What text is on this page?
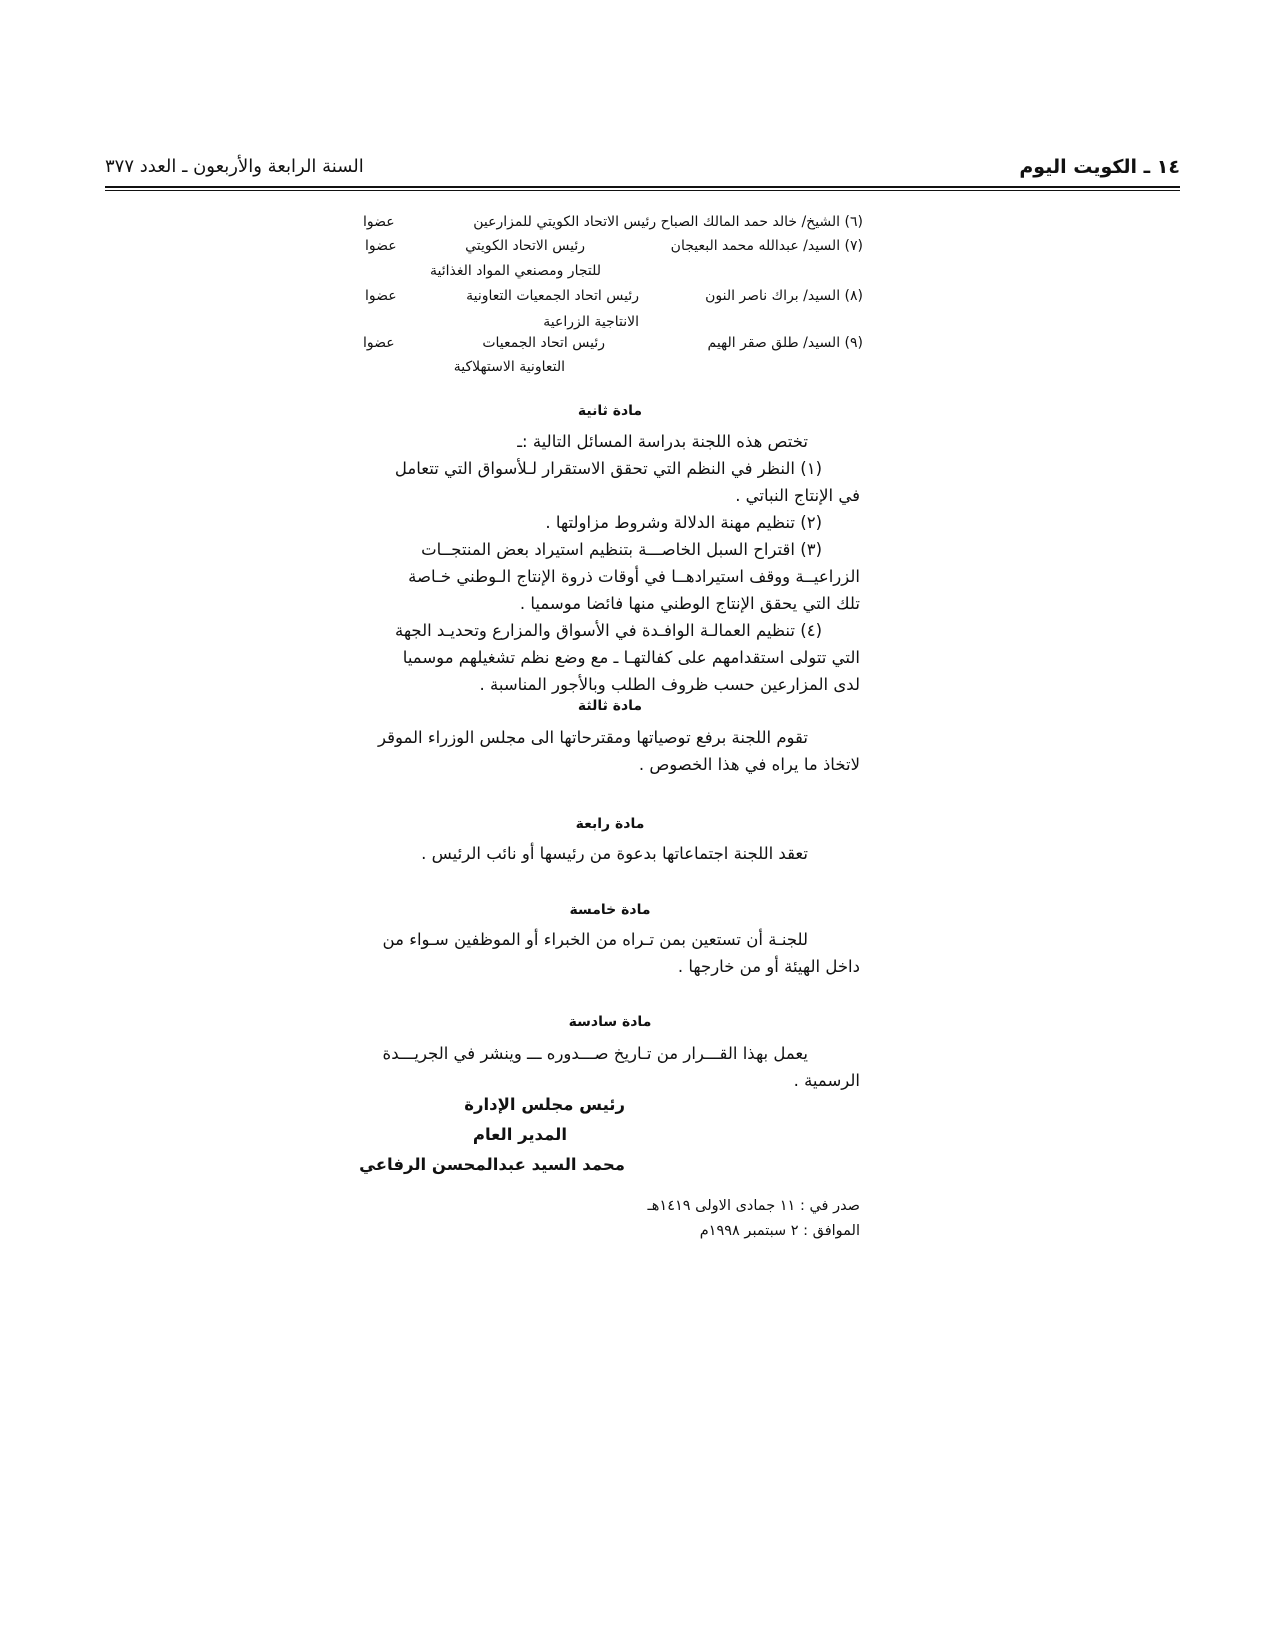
١٤ ـ الكويت اليوم
السنة الرابعة والأربعون ـ العدد ٣٧٧
(٦) الشيخ/ خالد حمد المالك الصباح رئيس الاتحاد الكويتي للمزارعين
عضوا
(٧) السيد/ عبدالله محمد البعيجان
رئيس الاتحاد الكويتي
للتجار ومصنعي المواد الغذائية
عضوا
(٨) السيد/ براك ناصر النون
رئيس اتحاد الجمعيات التعاونية
الانتاجية الزراعية
عضوا
(٩) السيد/ طلق صقر الهيم
رئيس اتحاد الجمعيات
التعاونية الاستهلاكية
عضوا
مادة ثانية
تختص هذه اللجنة بدراسة المسائل التالية :ـ
(١) النظر في النظم التي تحقق الاستقرار لـلأسواق التي تتعامل
في الإنتاج النباتي .
(٢) تنظيم مهنة الدلالة وشروط مزاولتها .
(٣) اقتراح السبل الخاصـــة بتنظيم استيراد بعض المنتجــات
الزراعيــة ووقف استيرادهــا في أوقات ذروة الإنتاج الـوطني خـاصة
تلك التي يحقق الإنتاج الوطني منها فائضا موسميا .
(٤) تنظيم العمالـة الوافـدة في الأسواق والمزارع وتحديـد الجهة
التي تتولى استقدامهم على كفالتهـا ـ مع وضع نظم تشغيلهم موسميا
لدى المزارعين حسب ظروف الطلب وبالأجور المناسبة .
مادة ثالثة
تقوم اللجنة برفع توصياتها ومقترحاتها الى مجلس الوزراء الموقر
لاتخاذ ما يراه في هذا الخصوص .
مادة رابعة
تعقد اللجنة اجتماعاتها بدعوة من رئيسها أو نائب الرئيس .
مادة خامسة
للجنـة أن تستعين بمن تـراه من الخبراء أو الموظفين سـواء من
داخل الهيئة أو من خارجها .
مادة سادسة
يعمل بهذا القـــرار من تـاريخ صـــدوره ـــ وينشر في الجريـــدة
الرسمية .
رئيس مجلس الإدارة
المدير العام
محمد السيد عبدالمحسن الرفاعي
صدر في : ١١ جمادى الاولى ١٤١٩هـ
الموافق : ٢ سبتمبر ١٩٩٨م
